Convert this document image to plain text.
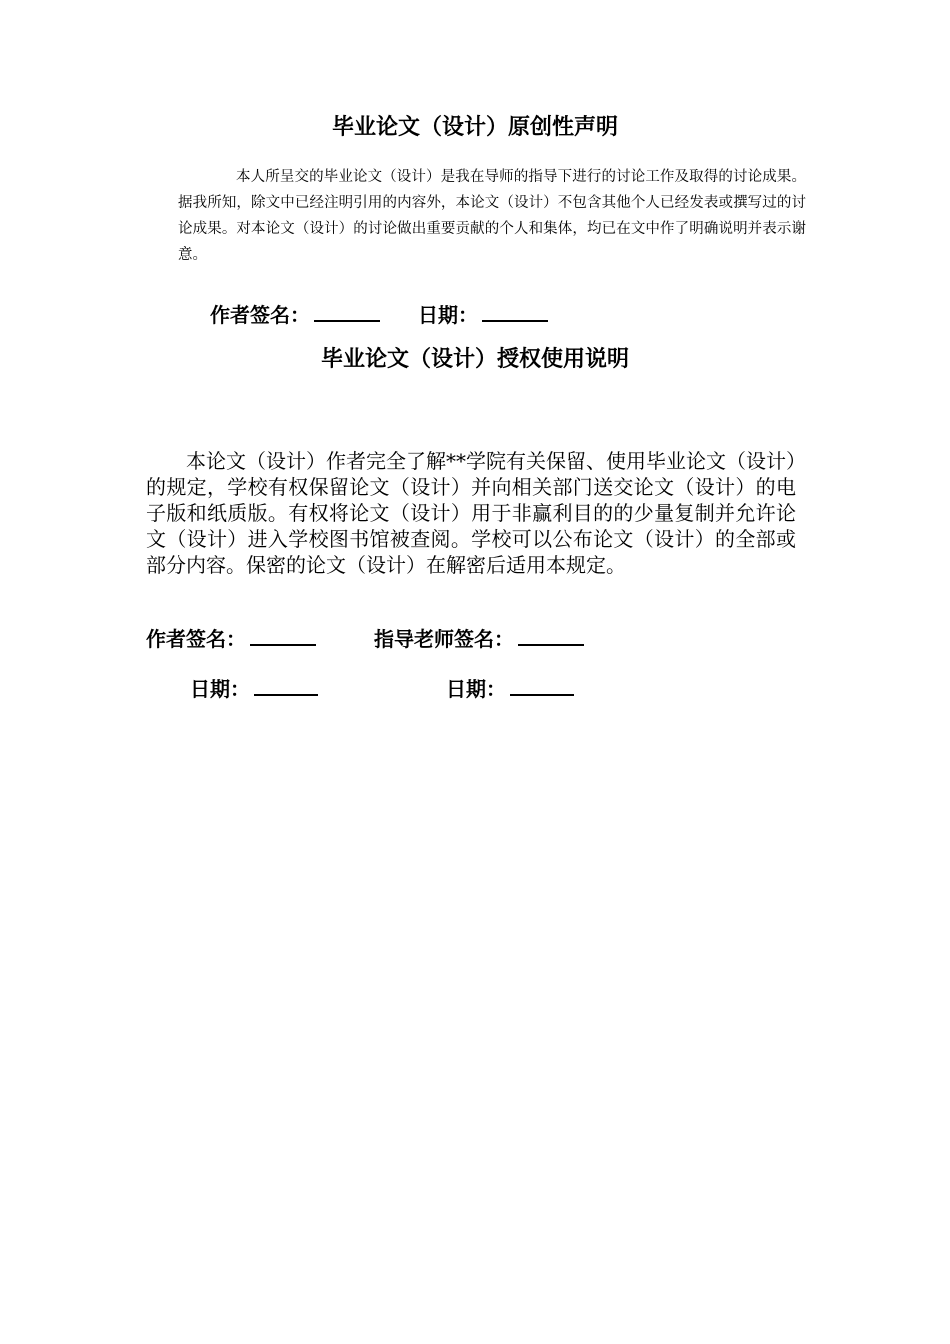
毕业论文（设计）原创性声明
本人所呈交的毕业论文（设计）是我在导师的指导下进行的讨论工作及取得的讨论成果。据我所知，除文中已经注明引用的内容外，本论文（设计）不包含其他个人已经发表或撰写过的讨论成果。对本论文（设计）的讨论做出重要贡献的个人和集体，均已在文中作了明确说明并表示谢意。
作者签名：	日期：
毕业论文（设计）授权使用说明
本论文（设计）作者完全了解**学院有关保留、使用毕业论文（设计）的规定，学校有权保留论文（设计）并向相关部门送交论文（设计）的电子版和纸质版。有权将论文（设计）用于非赢利目的的少量复制并允许论文（设计）进入学校图书馆被查阅。学校可以公布论文（设计）的全部或部分内容。保密的论文（设计）在解密后适用本规定。
作者签名：	指导老师签名：
日期：	日期：
